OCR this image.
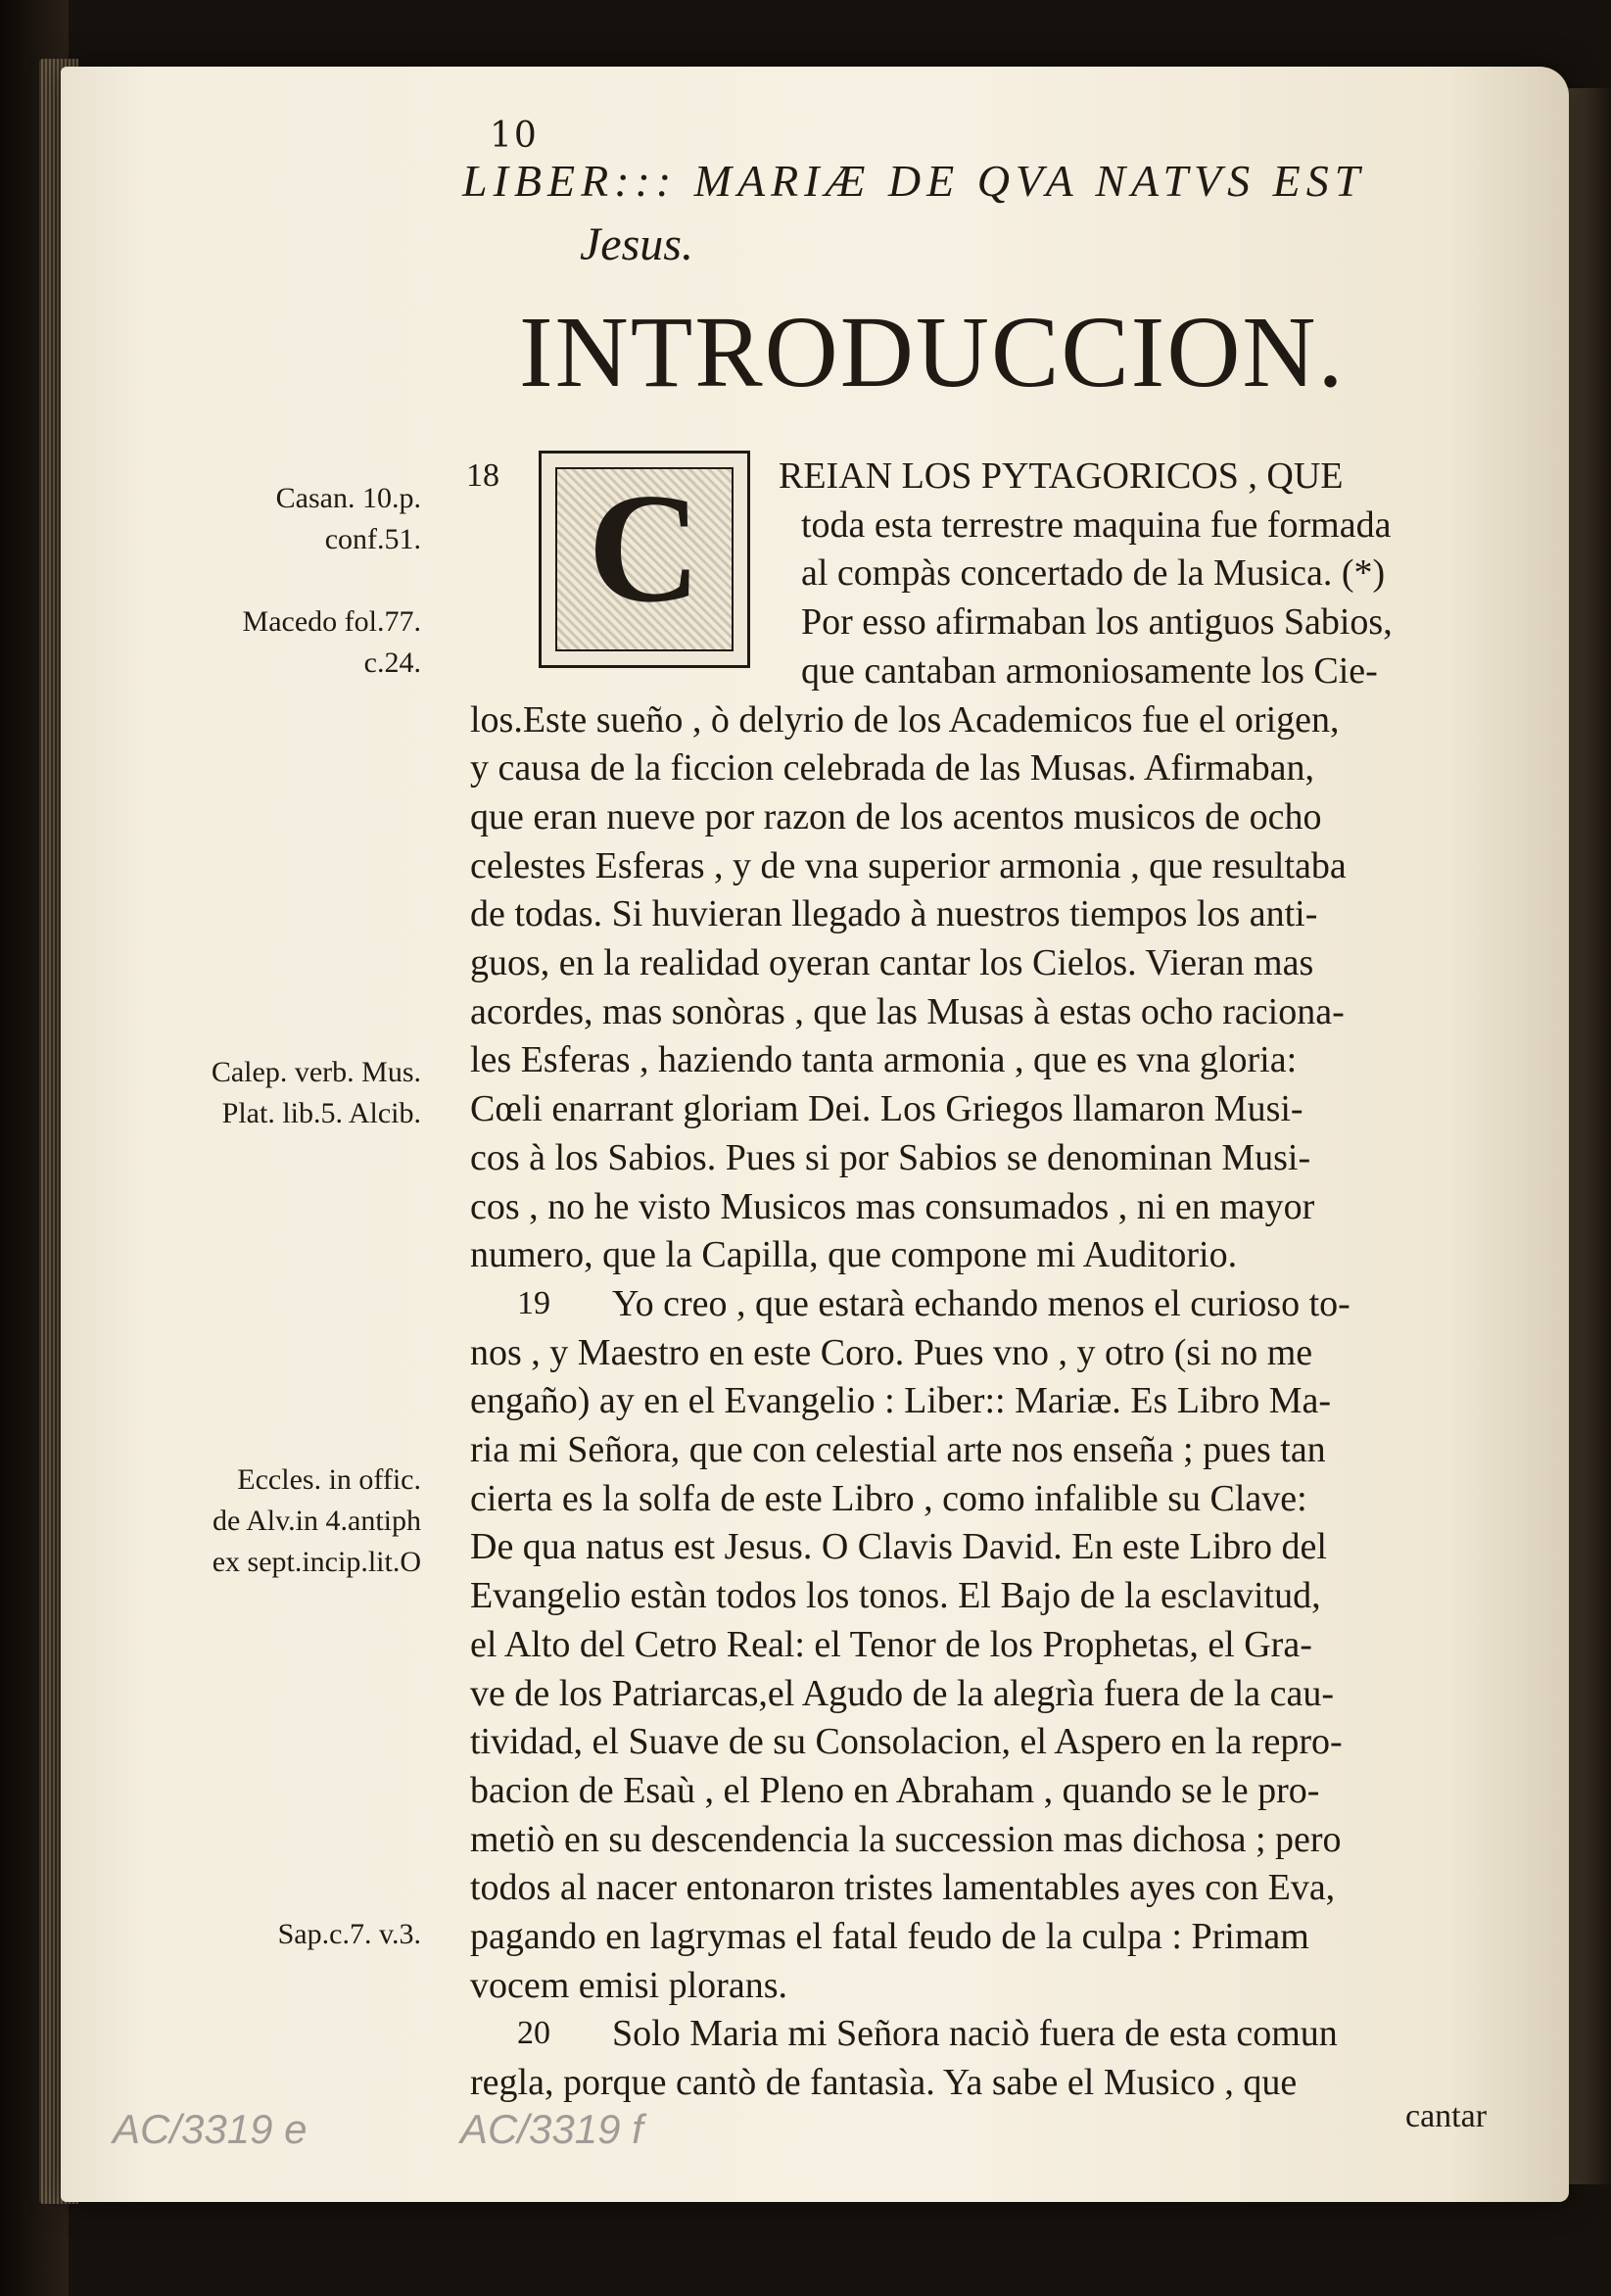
10
LIBER::: MARIÆ DE QVA NATVS EST
Jesus.
INTRODUCCION.
C
18	REIAN LOS PYTAGORICOS , QUE
toda esta terrestre maquina fue formada
al compàs concertado de la Musica. (*)
Por esso afirmaban los antiguos Sabios,
que cantaban armoniosamente los Cie-
los.Este sueño , ò delyrio de los Academicos fue el origen,
y causa de la ficcion celebrada de las Musas. Afirmaban,
que eran nueve por razon de los acentos musicos de ocho
celestes Esferas , y de vna superior armonia , que resultaba
de todas. Si huvieran llegado à nuestros tiempos los anti-
guos, en la realidad oyeran cantar los Cielos. Vieran mas
acordes, mas sonòras , que las Musas à estas ocho raciona-
les Esferas , haziendo tanta armonia , que es vna gloria:
Cœli enarrant gloriam Dei. Los Griegos llamaron Musi-
cos à los Sabios. Pues si por Sabios se denominan Musi-
cos , no he visto Musicos mas consumados , ni en mayor
numero, que la Capilla, que compone mi Auditorio.
19 Yo creo , que estarà echando menos el curioso to-
nos , y Maestro en este Coro. Pues vno , y otro (si no me
engaño) ay en el Evangelio : Liber:: Mariæ. Es Libro Ma-
ria mi Señora, que con celestial arte nos enseña ; pues tan
cierta es la solfa de este Libro , como infalible su Clave:
De qua natus est Jesus. O Clavis David. En este Libro del
Evangelio estàn todos los tonos. El Bajo de la esclavitud,
el Alto del Cetro Real: el Tenor de los Prophetas, el Gra-
ve de los Patriarcas,el Agudo de la alegrìa fuera de la cau-
tividad, el Suave de su Consolacion, el Aspero en la repro-
bacion de Esaù , el Pleno en Abraham , quando se le pro-
metiò en su descendencia la succession mas dichosa ; pero
todos al nacer entonaron tristes lamentables ayes con Eva,
pagando en lagrymas el fatal feudo de la culpa : Primam
vocem emisi plorans.
20 Solo Maria mi Señora naciò fuera de esta comun
regla, porque cantò de fantasìa. Ya sabe el Musico , que
Casan. 10.p.
conf.51.
Macedo fol.77.
c.24.
Calep. verb. Mus.
Plat. lib.5. Alcib.
Eccles. in offic.
de Alv.in 4.antiph
ex sept.incip.lit.O
Sap.c.7. v.3.
cantar
AC/3319 e	AC/3319 f
